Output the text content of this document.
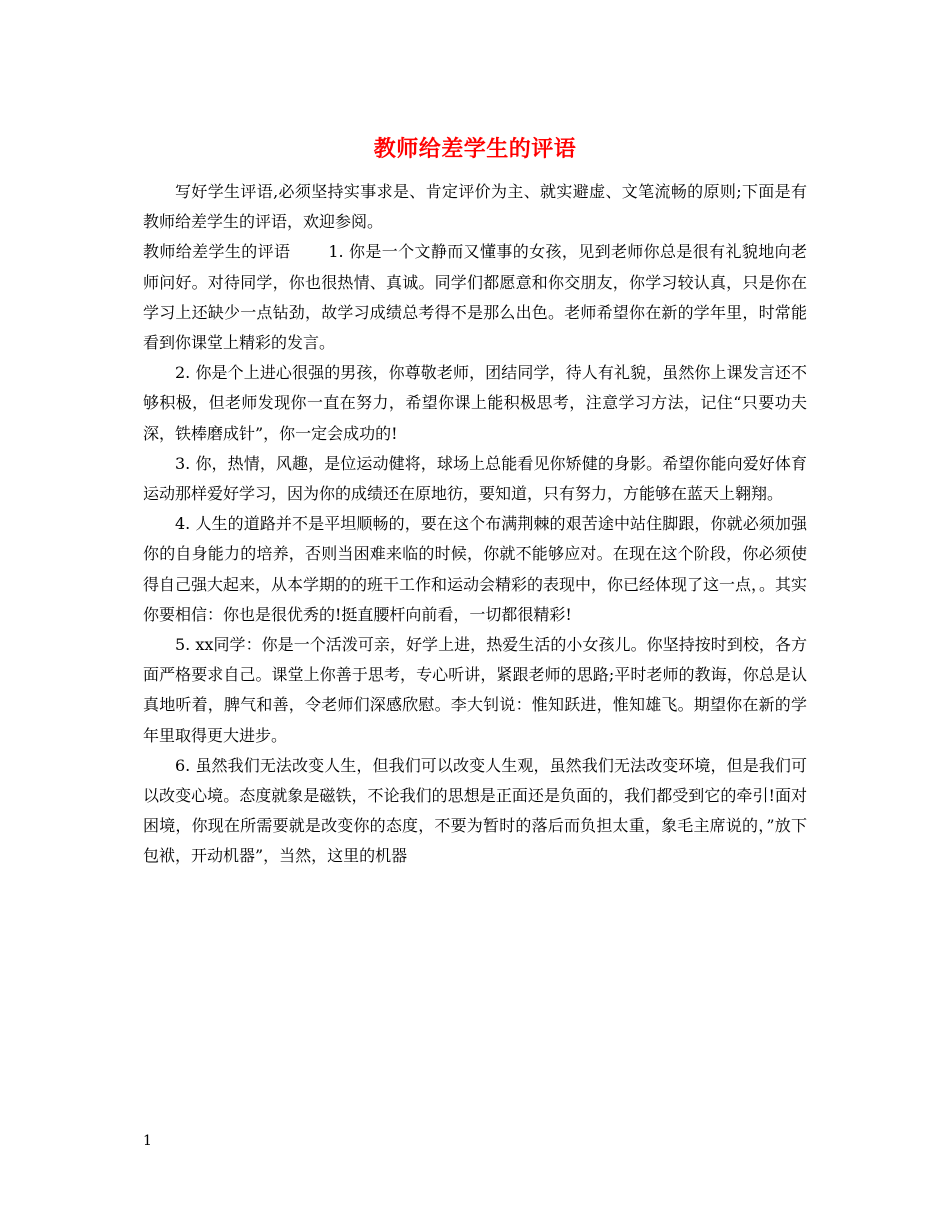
教师给差学生的评语

写好学生评语,必须坚持实事求是、肯定评价为主、就实避虚、文笔流畅的原则;下面是有教师给差学生的评语，欢迎参阅。

教师给差学生的评语 1. 你是一个文静而又懂事的女孩，见到老师你总是很有礼貌地向老师问好。对待同学，你也很热情、真诚。同学们都愿意和你交朋友，你学习较认真，只是你在学习上还缺少一点钻劲，故学习成绩总考得不是那么出色。老师希望你在新的学年里，时常能看到你课堂上精彩的发言。

2. 你是个上进心很强的男孩，你尊敬老师，团结同学，待人有礼貌，虽然你上课发言还不够积极，但老师发现你一直在努力，希望你课上能积极思考，注意学习方法，记住“只要功夫深，铁棒磨成针”，你一定会成功的!

3. 你，热情，风趣，是位运动健将，球场上总能看见你矫健的身影。希望你能向爱好体育运动那样爱好学习，因为你的成绩还在原地彷，要知道，只有努力，方能够在蓝天上翱翔。

4. 人生的道路并不是平坦顺畅的，要在这个布满荆棘的艰苦途中站住脚跟，你就必须加强你的自身能力的培养，否则当困难来临的时候，你就不能够应对。在现在这个阶段，你必须使得自己强大起来，从本学期的的班干工作和运动会精彩的表现中，你已经体现了这一点，。其实你要相信：你也是很优秀的!挺直腰杆向前看，一切都很精彩!

5. xx同学：你是一个活泼可亲，好学上进，热爱生活的小女孩儿。你坚持按时到校，各方面严格要求自己。课堂上你善于思考，专心听讲，紧跟老师的思路;平时老师的教诲，你总是认真地听着，脾气和善，令老师们深感欣慰。李大钊说：惟知跃进，惟知雄飞。期望你在新的学年里取得更大进步。

6. 虽然我们无法改变人生，但我们可以改变人生观，虽然我们无法改变环境，但是我们可以改变心境。态度就象是磁铁，不论我们的思想是正面还是负面的，我们都受到它的牵引!面对困境，你现在所需要就是改变你的态度，不要为暂时的落后而负担太重，象毛主席说的，”放下包袱，开动机器”，当然，这里的机器

1
